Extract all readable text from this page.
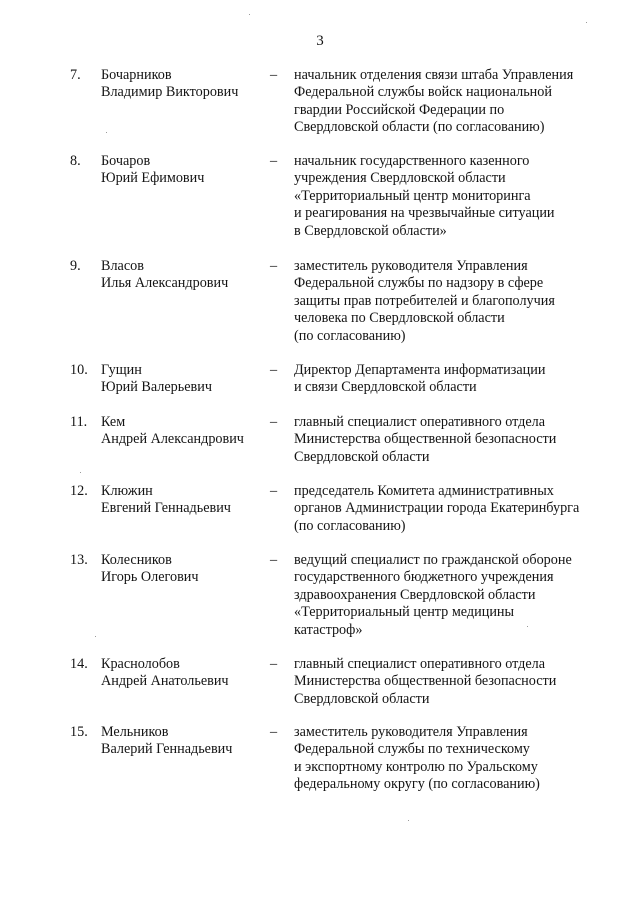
3
7. Бочарников
Владимир Викторович
– начальник отделения связи штаба Управления
Федеральной службы войск национальной
гвардии Российской Федерации по
Свердловской области (по согласованию)
8. Бочаров
Юрий Ефимович
– начальник государственного казенного
учреждения Свердловской области
«Территориальный центр мониторинга
и реагирования на чрезвычайные ситуации
в Свердловской области»
9. Власов
Илья Александрович
– заместитель руководителя Управления
Федеральной службы по надзору в сфере
защиты прав потребителей и благополучия
человека по Свердловской области
(по согласованию)
10. Гущин
Юрий Валерьевич
– Директор Департамента информатизации
и связи Свердловской области
11. Кем
Андрей Александрович
– главный специалист оперативного отдела
Министерства общественной безопасности
Свердловской области
12. Клюжин
Евгений Геннадьевич
– председатель Комитета административных
органов Администрации города Екатеринбурга
(по согласованию)
13. Колесников
Игорь Олегович
– ведущий специалист по гражданской обороне
государственного бюджетного учреждения
здравоохранения Свердловской области
«Территориальный центр медицины
катастроф»
14. Краснолобов
Андрей Анатольевич
– главный специалист оперативного отдела
Министерства общественной безопасности
Свердловской области
15. Мельников
Валерий Геннадьевич
– заместитель руководителя Управления
Федеральной службы по техническому
и экспортному контролю по Уральскому
федеральному округу (по согласованию)
